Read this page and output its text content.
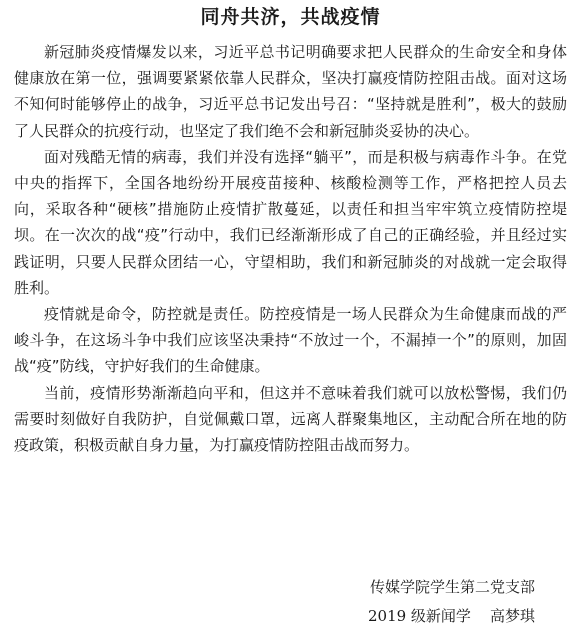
同舟共济，共战疫情

新冠肺炎疫情爆发以来，习近平总书记明确要求把人民群众的生命安全和身体健康放在第一位，强调要紧紧依靠人民群众，坚决打赢疫情防控阻击战。面对这场不知何时能够停止的战争，习近平总书记发出号召：“坚持就是胜利”，极大的鼓励了人民群众的抗疫行动，也坚定了我们绝不会和新冠肺炎妥协的决心。

面对残酷无情的病毒，我们并没有选择“躺平”，而是积极与病毒作斗争。在党中央的指挥下，全国各地纷纷开展疫苗接种、核酸检测等工作，严格把控人员去向，采取各种“硬核”措施防止疫情扩散蔓延，以责任和担当牢牢筑立疫情防控堤坝。在一次次的战“疫”行动中，我们已经渐渐形成了自己的正确经验，并且经过实践证明，只要人民群众团结一心，守望相助，我们和新冠肺炎的对战就一定会取得胜利。

疫情就是命令，防控就是责任。防控疫情是一场人民群众为生命健康而战的严峻斗争，在这场斗争中我们应该坚决秉持“不放过一个，不漏掉一个”的原则，加固战“疫”防线，守护好我们的生命健康。

当前，疫情形势渐渐趋向平和，但这并不意味着我们就可以放松警惕，我们仍需要时刻做好自我防护，自觉佩戴口罩，远离人群聚集地区，主动配合所在地的防疫政策，积极贡献自身力量，为打赢疫情防控阻击战而努力。

传媒学院学生第二党支部
2019 级新闻学    高梦琪
